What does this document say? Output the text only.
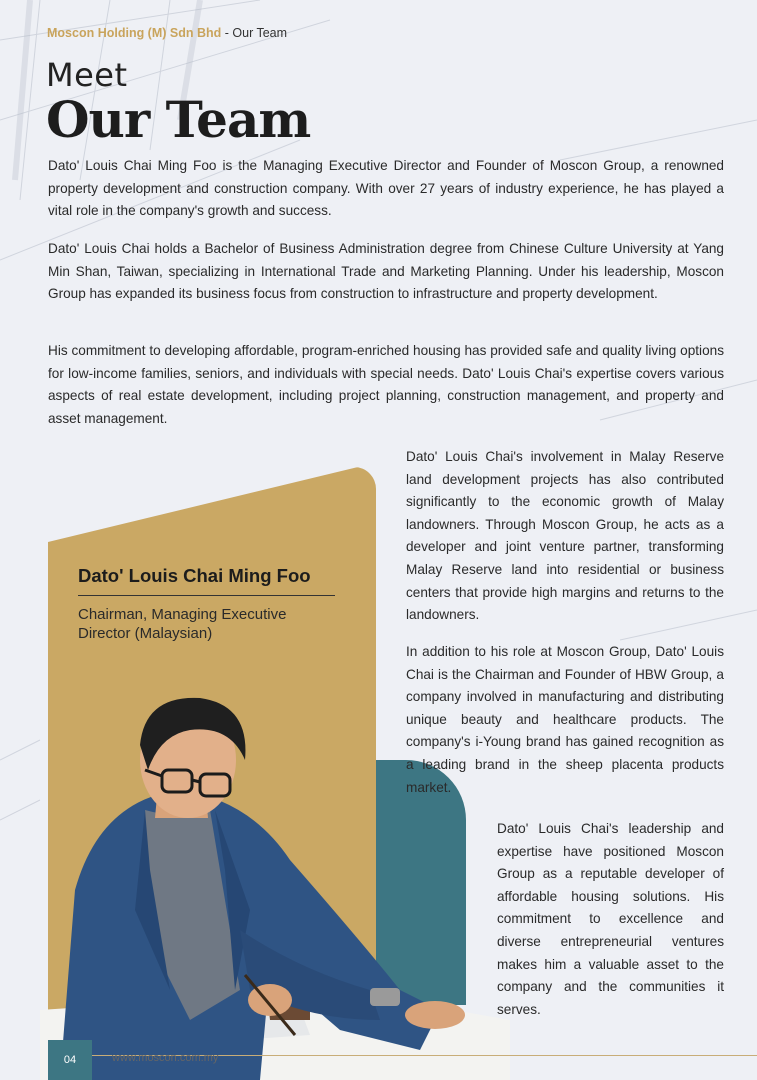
Moscon Holding (M) Sdn Bhd - Our Team
Meet
Our Team

Dato' Louis Chai Ming Foo is the Managing Executive Director and Founder of Moscon Group, a renowned property development and construction company. With over 27 years of industry experience, he has played a vital role in the company's growth and success.

Dato' Louis Chai holds a Bachelor of Business Administration degree from Chinese Culture University at Yang Min Shan, Taiwan, specializing in International Trade and Marketing Planning. Under his leadership, Moscon Group has expanded its business focus from construction to infrastructure and property development.

His commitment to developing affordable, program-enriched housing has provided safe and quality living options for low-income families, seniors, and individuals with special needs. Dato' Louis Chai's expertise covers various aspects of real estate development, including project planning, construction management, and property and asset management.

Dato' Louis Chai Ming Foo
Chairman, Managing Executive Director (Malaysian)

Dato' Louis Chai's involvement in Malay Reserve land development projects has also contributed significantly to the economic growth of Malay landowners. Through Moscon Group, he acts as a developer and joint venture partner, transforming Malay Reserve land into residential or business centers that provide high margins and returns to the landowners.

In addition to his role at Moscon Group, Dato' Louis Chai is the Chairman and Founder of HBW Group, a company involved in manufacturing and distributing unique beauty and healthcare products. The company's i-Young brand has gained recognition as a leading brand in the sheep placenta products market.

Dato' Louis Chai's leadership and expertise have positioned Moscon Group as a reputable developer of affordable housing solutions. His commitment to excellence and diverse entrepreneurial ventures makes him a valuable asset to the company and the communities it serves.

04	www.moscon.com.my
